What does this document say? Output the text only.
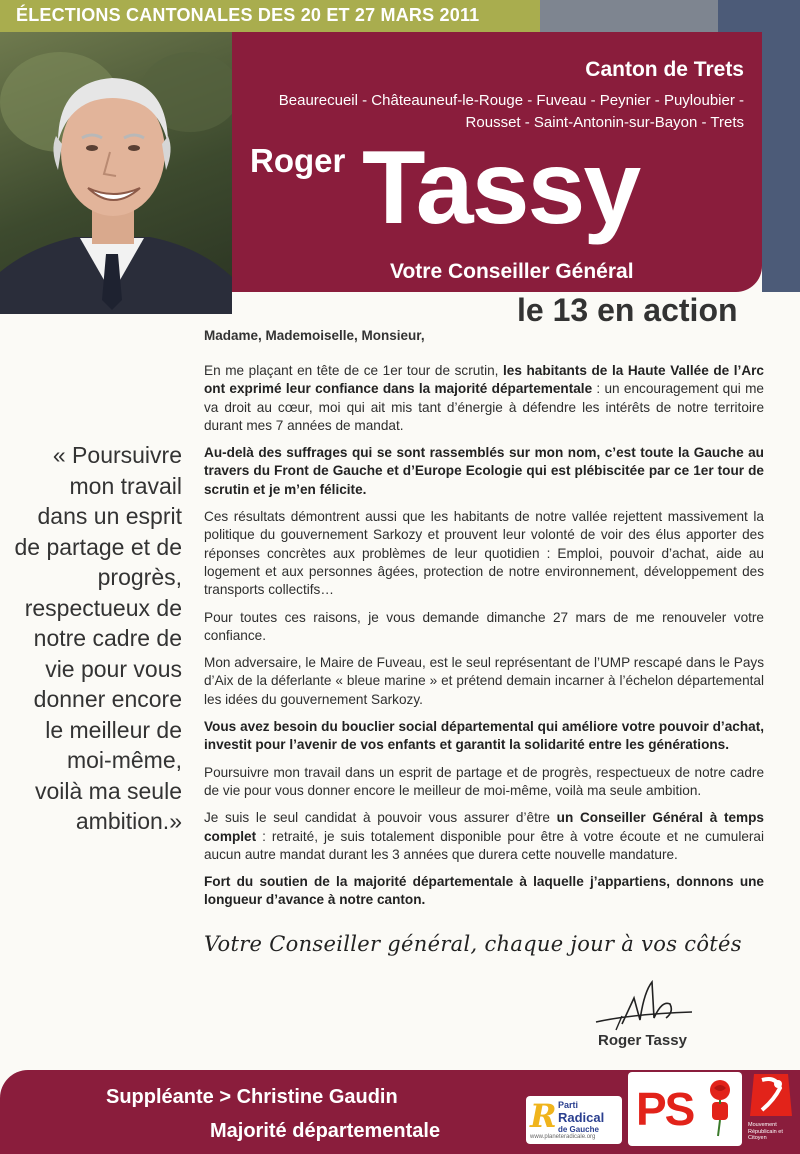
ÉLECTIONS CANTONALES DES 20 ET 27 MARS 2011
Canton de Trets
Beaurecueil - Châteauneuf-le-Rouge - Fuveau - Peynier - Puyloubier -
Rousset - Saint-Antonin-sur-Bayon - Trets
Roger Tassy
Votre Conseiller Général
le 13 en action
« Poursuivre mon travail dans un esprit de partage et de progrès, respectueux de notre cadre de vie pour vous donner encore le meilleur de moi-même, voilà ma seule ambition.»
Madame, Mademoiselle, Monsieur,

En me plaçant en tête de ce 1er tour de scrutin, les habitants de la Haute Vallée de l’Arc ont exprimé leur confiance dans la majorité départementale : un encouragement qui me va droit au cœur, moi qui ait mis tant d’énergie à défendre les intérêts de notre territoire durant mes 7 années de mandat.

Au-delà des suffrages qui se sont rassemblés sur mon nom, c’est toute la Gauche au travers du Front de Gauche et d’Europe Ecologie qui est plébiscitée par ce 1er tour de scrutin et je m’en félicite.

Ces résultats démontrent aussi que les habitants de notre vallée rejettent massivement la politique du gouvernement Sarkozy et prouvent leur volonté de voir des élus apporter des réponses concrètes aux problèmes de leur quotidien : Emploi, pouvoir d’achat, aide au logement et aux personnes âgées, protection de notre environnement, développement des transports collectifs…

Pour toutes ces raisons, je vous demande dimanche 27 mars de me renouveler votre confiance.

Mon adversaire, le Maire de Fuveau, est le seul représentant de l’UMP rescapé dans le Pays d’Aix de la déferlante « bleue marine » et prétend demain incarner à l’échelon départemental les idées du gouvernement Sarkozy.

Vous avez besoin du bouclier social départemental qui améliore votre pouvoir d’achat, investit pour l’avenir de vos enfants et garantit la solidarité entre les générations.

Poursuivre mon travail dans un esprit de partage et de progrès, respectueux de notre cadre de vie pour vous donner encore le meilleur de moi-même, voilà ma seule ambition.

Je suis le seul candidat à pouvoir vous assurer d’être un Conseiller Général à temps complet : retraité, je suis totalement disponible pour être à votre écoute et ne cumulerai aucun autre mandat durant les 3 années que durera cette nouvelle mandature.

Fort du soutien de la majorité départementale à laquelle j’appartiens, donnons une longueur d’avance à notre canton.

Votre Conseiller général, chaque jour à vos côtés
Roger Tassy
Suppléante > Christine Gaudin
Majorité départementale	R Parti
Radical
de Gauche
www.planeteradicale.org
PS	Mouvement Républicain et Citoyen
